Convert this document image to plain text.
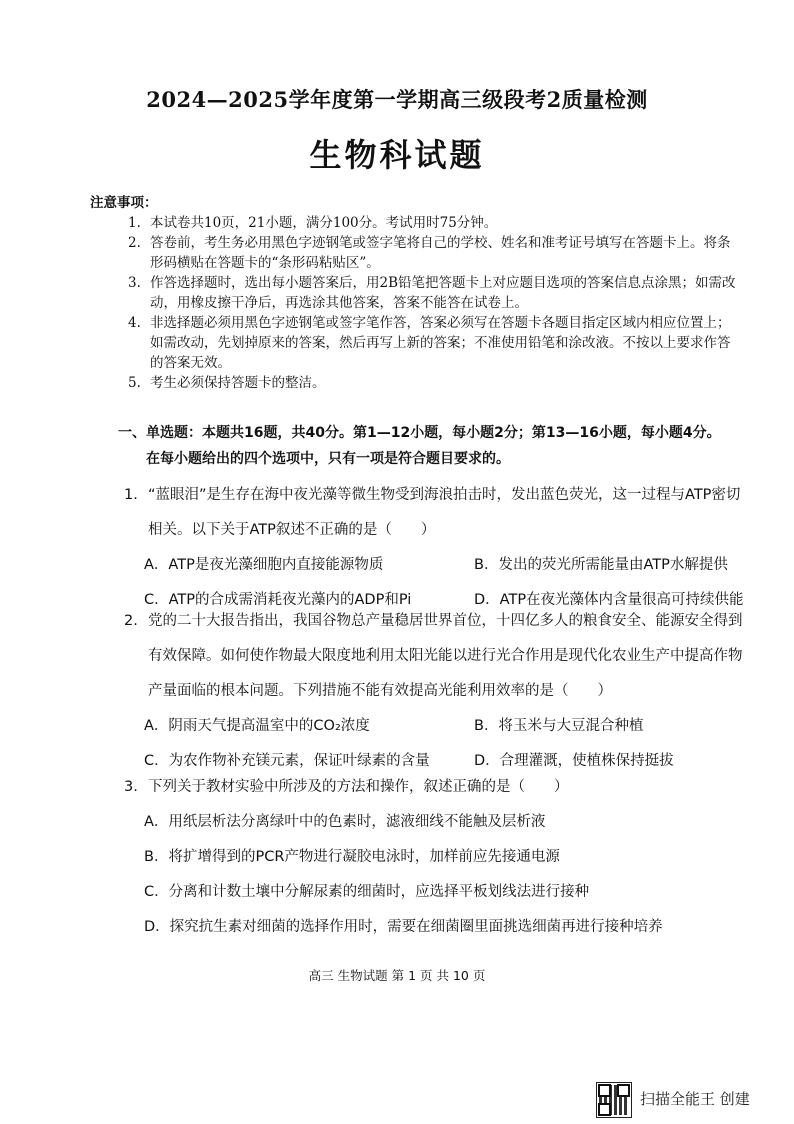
2024—2025学年度第一学期高三级段考2质量检测
生物科试题
注意事项：
1. 本试卷共10页，21小题，满分100分。考试用时75分钟。
2. 答卷前，考生务必用黑色字迹钢笔或签字笔将自己的学校、姓名和准考证号填写在答题卡上。将条形码横贴在答题卡的“条形码粘贴区”。
3. 作答选择题时，选出每小题答案后，用2B铅笔把答题卡上对应题目选项的答案信息点涂黑；如需改动，用橡皮擦干净后，再选涂其他答案，答案不能答在试卷上。
4. 非选择题必须用黑色字迹钢笔或签字笔作答，答案必须写在答题卡各题目指定区域内相应位置上；如需改动，先划掉原来的答案，然后再写上新的答案；不准使用铅笔和涂改液。不按以上要求作答的答案无效。
5. 考生必须保持答题卡的整洁。
一、单选题：本题共16题，共40分。第1—12小题，每小题2分；第13—16小题，每小题4分。
在每小题给出的四个选项中，只有一项是符合题目要求的。
1. “蓝眼泪”是生存在海中夜光藻等微生物受到海浪拍击时，发出蓝色荧光，这一过程与ATP密切相关。以下关于ATP叙述不正确的是（　　）
A．ATP是夜光藻细胞内直接能源物质	B．发出的荧光所需能量由ATP水解提供
C．ATP的合成需消耗夜光藻内的ADP和Pi	D．ATP在夜光藻体内含量很高可持续供能
2. 党的二十大报告指出，我国谷物总产量稳居世界首位，十四亿多人的粮食安全、能源安全得到有效保障。如何使作物最大限度地利用太阳光能以进行光合作用是现代化农业生产中提高作物产量面临的根本问题。下列措施不能有效提高光能利用效率的是（　　）
A．阴雨天气提高温室中的CO₂浓度	B．将玉米与大豆混合种植
C．为农作物补充镁元素，保证叶绿素的含量	D．合理灌溉，使植株保持挺拔
3. 下列关于教材实验中所涉及的方法和操作，叙述正确的是（　　）
A．用纸层析法分离绿叶中的色素时，滤液细线不能触及层析液
B．将扩增得到的PCR产物进行凝胶电泳时，加样前应先接通电源
C．分离和计数土壤中分解尿素的细菌时，应选择平板划线法进行接种
D．探究抗生素对细菌的选择作用时，需要在细菌圈里面挑选细菌再进行接种培养
高三 生物试题 第 1 页 共 10 页
扫描全能王 创建
